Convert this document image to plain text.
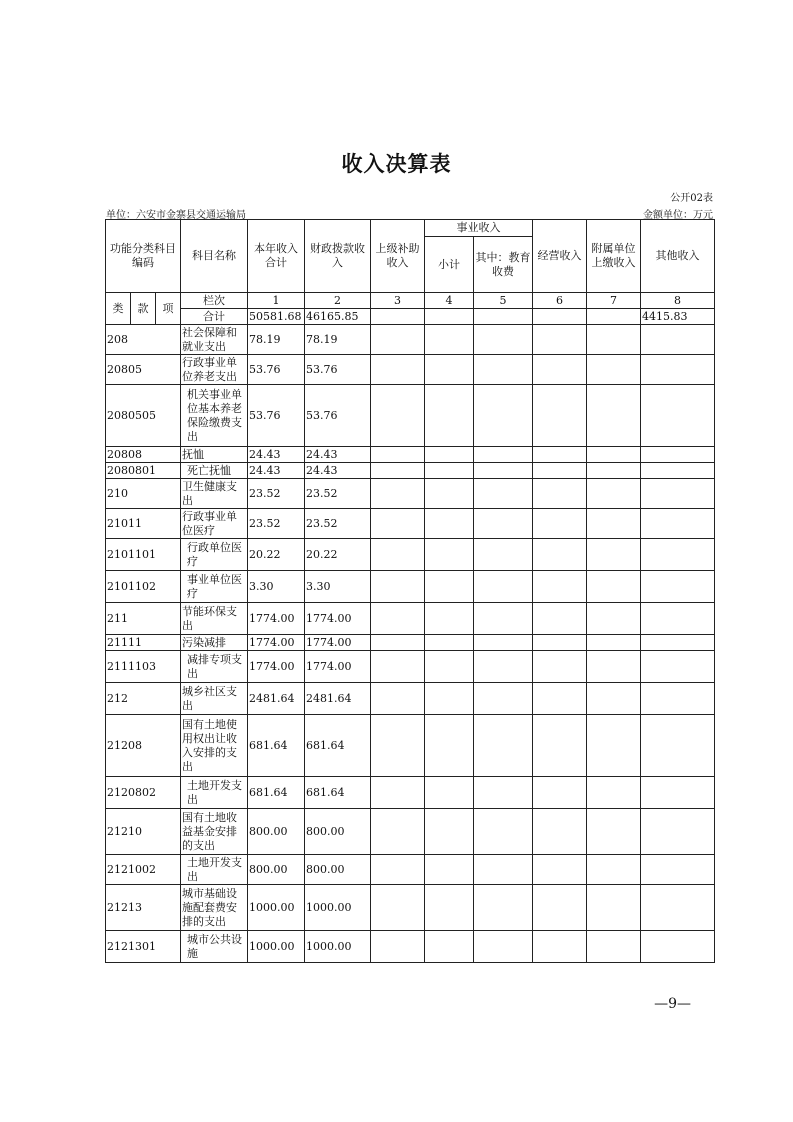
收入决算表
公开02表
单位：六安市金寨县交通运输局	金额单位：万元
功能分类科目编码			科目名称	本年收入合计	财政拨款收入	上级补助收入	事业收入		经营收入	附属单位上缴收入	其他收入
							小计	其中：教育收费			
类	款	项	栏次	1	2	3	4	5	6	7	8
			合计	50581.68	46165.85						4415.83
208			社会保障和就业支出	78.19	78.19						
20805			行政事业单位养老支出	53.76	53.76						
2080505			机关事业单位基本养老保险缴费支出	53.76	53.76						
20808			抚恤	24.43	24.43						
2080801			死亡抚恤	24.43	24.43						
210			卫生健康支出	23.52	23.52						
21011			行政事业单位医疗	23.52	23.52						
2101101			行政单位医疗	20.22	20.22						
2101102			事业单位医疗	3.30	3.30						
211			节能环保支出	1774.00	1774.00						
21111			污染减排	1774.00	1774.00						
2111103			减排专项支出	1774.00	1774.00						
212			城乡社区支出	2481.64	2481.64						
21208			国有土地使用权出让收入安排的支出	681.64	681.64						
2120802			土地开发支出	681.64	681.64						
21210			国有土地收益基金安排的支出	800.00	800.00						
2121002			土地开发支出	800.00	800.00						
21213			城市基础设施配套费安排的支出	1000.00	1000.00						
2121301			城市公共设施	1000.00	1000.00						
—9—
